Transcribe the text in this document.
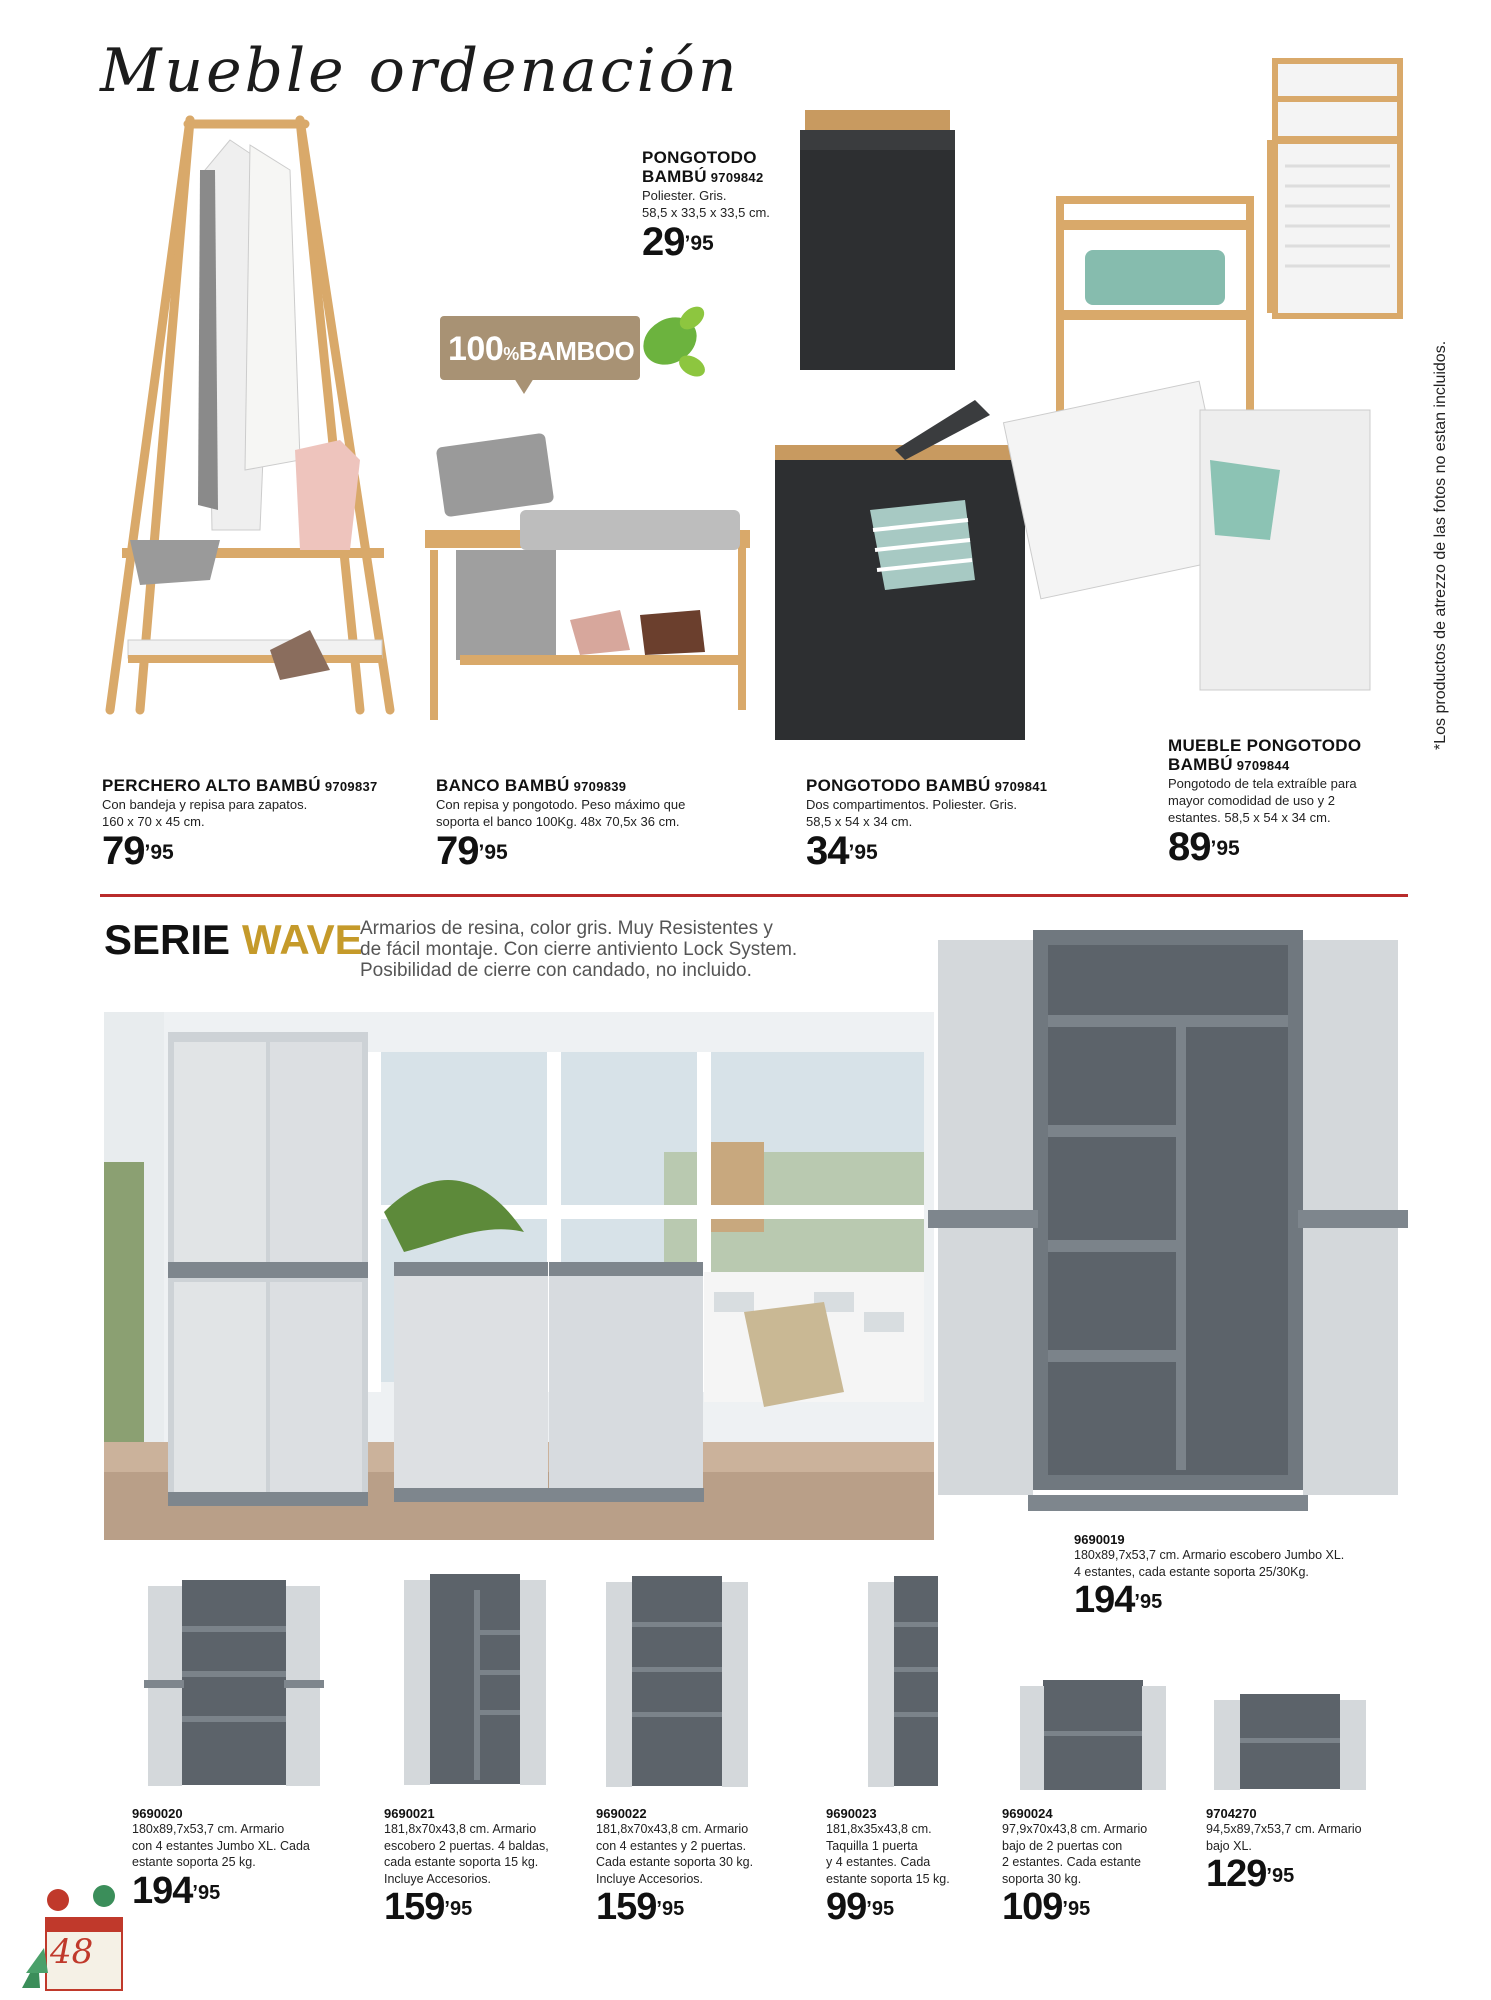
Mueble ordenación
100%BAMBOO	*Los productos de atrezzo de las fotos no estan incluidos.
PONGOTODO
BAMBÚ 9709842
Poliester. Gris.
58,5 x 33,5 x 33,5 cm.
$29^{’95}$
PERCHERO ALTO BAMBÚ 9709837
Con bandeja y repisa para zapatos.
160 x 70 x 45 cm.
$79^{’95}$
BANCO BAMBÚ 9709839
Con repisa y pongotodo. Peso máximo que
soporta el banco 100Kg. 48x 70,5x 36 cm.
$79^{’95}$
PONGOTODO BAMBÚ 9709841
Dos compartimentos. Poliester. Gris.
58,5 x 54 x 34 cm.
$34^{’95}$
MUEBLE PONGOTODO
BAMBÚ 9709844
Pongotodo de tela extraíble para
mayor comodidad de uso y 2
estantes. 58,5 x 54 x 34 cm.
$89^{’95}$
SERIE WAVE
Armarios de resina, color gris. Muy Resistentes y
de fácil montaje. Con cierre antiviento Lock System.
Posibilidad de cierre con candado, no incluido.
9690019
180x89,7x53,7 cm. Armario escobero Jumbo XL.
4 estantes, cada estante soporta 25/30Kg.
$194^{’95}$
9690020
180x89,7x53,7 cm. Armario
con 4 estantes Jumbo XL. Cada
estante soporta 25 kg.
$194^{’95}$
9690021
181,8x70x43,8 cm. Armario
escobero 2 puertas. 4 baldas,
cada estante soporta 15 kg.
Incluye Accesorios.
$159^{’95}$
9690022
181,8x70x43,8 cm. Armario
con 4 estantes y 2 puertas.
Cada estante soporta 30 kg.
Incluye Accesorios.
$159^{’95}$
9690023
181,8x35x43,8 cm.
Taquilla 1 puerta
y 4 estantes. Cada
estante soporta 15 kg.
$99^{’95}$
9690024
97,9x70x43,8 cm. Armario
bajo de 2 puertas con
2 estantes. Cada estante
soporta 30 kg.
$109^{’95}$
9704270
94,5x89,7x53,7 cm. Armario
bajo XL.
$129^{’95}$
48
